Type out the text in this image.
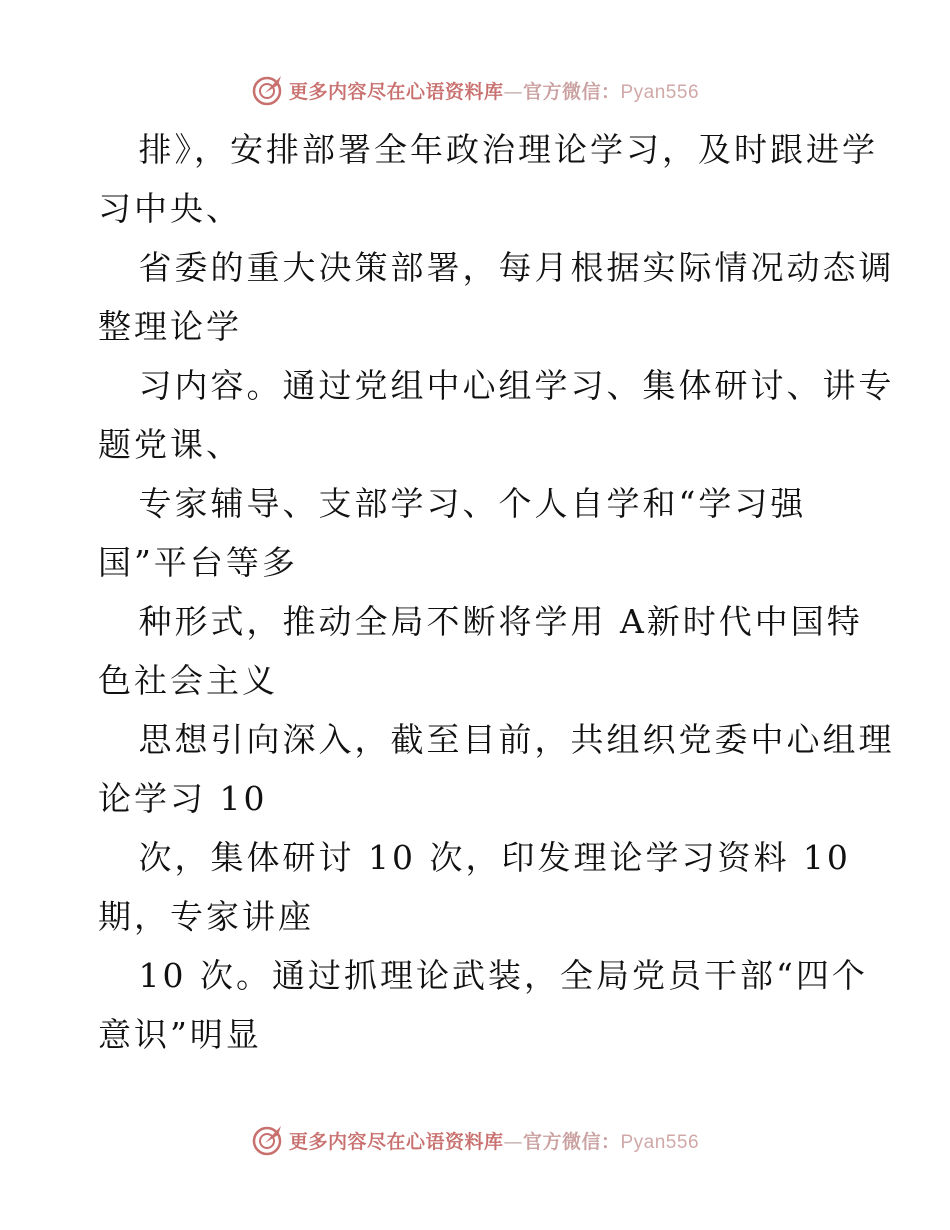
更多内容尽在心语资料库—官方微信：Pyan556
排》，安排部署全年政治理论学习，及时跟进学
习中央、
省委的重大决策部署，每月根据实际情况动态调
整理论学
习内容。通过党组中心组学习、集体研讨、讲专
题党课、
专家辅导、支部学习、个人自学和“学习强
国”平台等多
种形式，推动全局不断将学用 A新时代中国特
色社会主义
思想引向深入，截至目前，共组织党委中心组理
论学习 10
次，集体研讨 10 次，印发理论学习资料 10
期，专家讲座
10 次。通过抓理论武装，全局党员干部“四个
意识”明显
更多内容尽在心语资料库—官方微信：Pyan556
